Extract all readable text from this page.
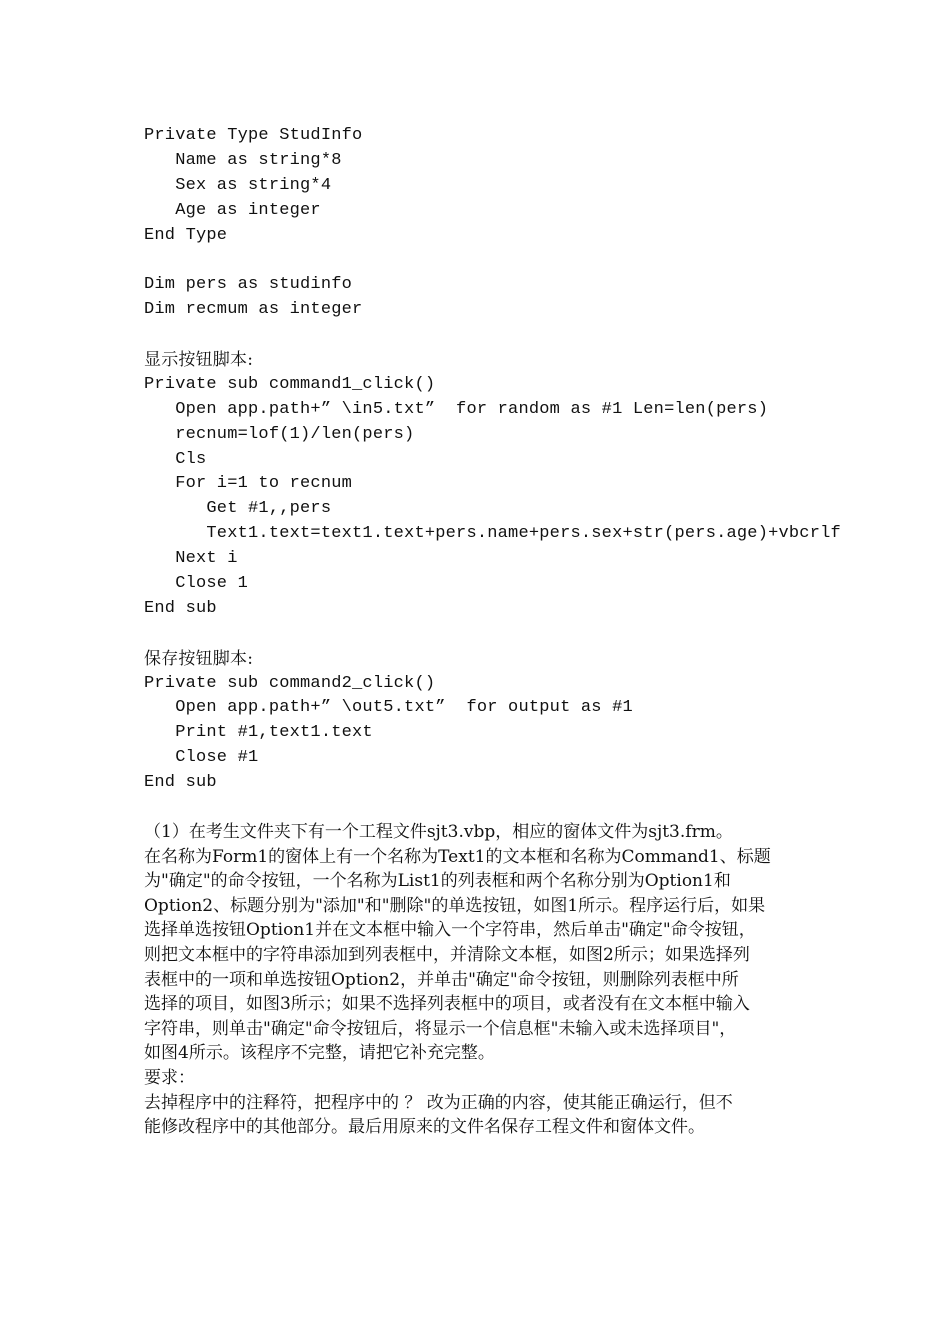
Private Type StudInfo
Name as string*8
Sex as string*4
Age as integer
End Type
Dim pers as studinfo
Dim recmum as integer
显示按钮脚本:
Private sub command1_click()
Open app.path+” \in5.txt”  for random as #1 Len=len(pers)
recnum=lof(1)/len(pers)
Cls
For i=1 to recnum
Get #1,,pers
Text1.text=text1.text+pers.name+pers.sex+str(pers.age)+vbcrlf
Next i
Close 1
End sub
保存按钮脚本:
Private sub command2_click()
Open app.path+” \out5.txt”  for output as #1
Print #1,text1.text
Close #1
End sub
（1）在考生文件夹下有一个工程文件sjt3.vbp，相应的窗体文件为sjt3.frm。
在名称为Form1的窗体上有一个名称为Text1的文本框和名称为Command1、标题
为"确定"的命令按钮，一个名称为List1的列表框和两个名称分别为Option1和
Option2、标题分别为"添加"和"删除"的单选按钮，如图1所示。程序运行后，如果
选择单选按钮Option1并在文本框中输入一个字符串，然后单击"确定"命令按钮，
则把文本框中的字符串添加到列表框中，并清除文本框，如图2所示；如果选择列
表框中的一项和单选按钮Option2，并单击"确定"命令按钮，则删除列表框中所
选择的项目，如图3所示；如果不选择列表框中的项目，或者没有在文本框中输入
字符串，则单击"确定"命令按钮后，将显示一个信息框"未输入或未选择项目"，
如图4所示。该程序不完整，请把它补充完整。
要求：
去掉程序中的注释符，把程序中的 ？ 改为正确的内容，使其能正确运行，但不
能修改程序中的其他部分。最后用原来的文件名保存工程文件和窗体文件。
